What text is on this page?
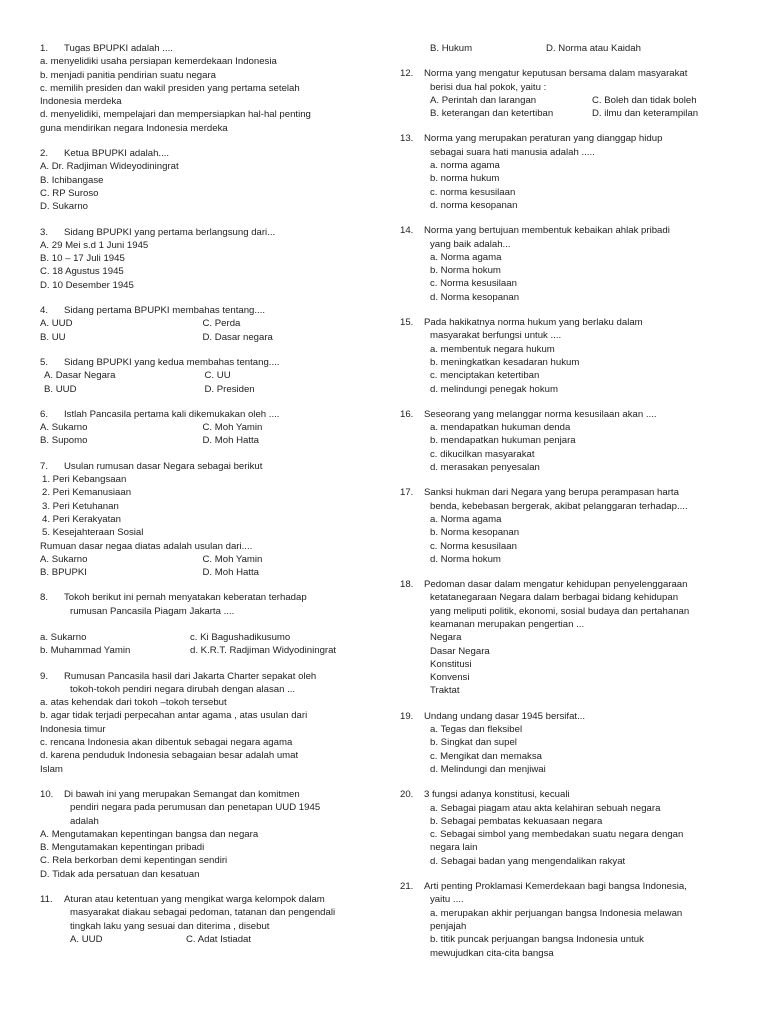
1.	Tugas BPUPKI adalah ....
a. menyelidiki usaha persiapan kemerdekaan Indonesia
b. menjadi panitia pendirian suatu negara
c. memilih presiden dan wakil presiden yang pertama setelah
Indonesia merdeka
d. menyelidiki, mempelajari dan mempersiapkan hal-hal penting
guna mendirikan negara Indonesia merdeka
2.	Ketua BPUPKI adalah....
A. Dr. Radjiman Wideyodiningrat
B. Ichibangase
C. RP Suroso
D. Sukarno
3.	Sidang BPUPKI yang pertama berlangsung dari...
A. 29 Mei s.d 1 Juni 1945
B. 10 – 17 Juli 1945
C. 18 Agustus 1945
D. 10 Desember 1945
4.	Sidang pertama BPUPKI membahas tentang....
A. UUD	C. Perda
B. UU	D. Dasar negara
5.	Sidang BPUPKI yang kedua membahas tentang....
A. Dasar Negara	C. UU
B. UUD	D. Presiden
6.	Istlah Pancasila pertama kali dikemukakan oleh ....
A. Sukarno	C. Moh Yamin
B. Supomo	D. Moh Hatta
7.	Usulan rumusan dasar Negara sebagai berikut
1. Peri Kebangsaan
2. Peri Kemanusiaan
3. Peri Ketuhanan
4. Peri Kerakyatan
5. Kesejahteraan Sosial
Rumuan dasar negaa diatas adalah usulan dari....
A. Sukarno	C. Moh Yamin
B. BPUPKI	D. Moh Hatta
8.	Tokoh berikut ini pernah menyatakan keberatan terhadap
rumusan Pancasila Piagam Jakarta ....
a. Sukarno	c. Ki Bagushadikusumo
b. Muhammad Yamin	d. K.R.T. Radjiman Widyodiningrat
9.	Rumusan Pancasila hasil dari Jakarta Charter sepakat oleh
tokoh-tokoh pendiri negara dirubah dengan alasan ...
a. atas kehendak dari tokoh –tokoh tersebut
b. agar tidak terjadi perpecahan antar agama , atas usulan dari
Indonesia timur
c. rencana Indonesia akan dibentuk sebagai negara agama
d. karena penduduk Indonesia sebagaian besar adalah umat
Islam
10.	Di bawah ini yang merupakan Semangat dan komitmen
pendiri negara pada perumusan dan penetapan UUD 1945
adalah
A. Mengutamakan kepentingan bangsa dan negara
B. Mengutamakan kepentingan pribadi
C. Rela berkorban demi kepentingan sendiri
D. Tidak ada persatuan dan kesatuan
11.	Aturan atau ketentuan yang mengikat warga kelompok dalam
masyarakat diakau sebagai pedoman, tatanan dan pengendali
tingkah laku yang sesuai dan diterima , disebut
A. UUD	C. Adat Istiadat
B. Hukum	D. Norma atau Kaidah
12.	Norma yang mengatur keputusan bersama dalam masyarakat
berisi dua hal pokok, yaitu :
A. Perintah dan larangan	C. Boleh dan tidak boleh
B. keterangan dan ketertiban	D. ilmu dan keterampilan
13.	Norma yang merupakan peraturan yang dianggap hidup
sebagai suara hati manusia adalah .....
a. norma agama
b. norma hukum
c. norma kesusilaan
d. norma kesopanan
14.	Norma yang bertujuan membentuk kebaikan ahlak pribadi
yang baik adalah...
a. Norma agama
b. Norma hokum
c. Norma kesusilaan
d. Norma kesopanan
15.	Pada hakikatnya norma hukum yang berlaku dalam
masyarakat berfungsi untuk ....
a. membentuk negara hukum
b. meningkatkan kesadaran hukum
c. menciptakan ketertiban
d. melindungi penegak hokum
16.	Seseorang yang melanggar norma kesusilaan akan ....
a. mendapatkan hukuman denda
b. mendapatkan hukuman penjara
c. dikucilkan masyarakat
d. merasakan penyesalan
17.	Sanksi hukman dari Negara yang berupa perampasan harta
benda, kebebasan bergerak, akibat pelanggaran terhadap....
a. Norma agama
b. Norma kesopanan
c. Norma kesusilaan
d. Norma hokum
18.	Pedoman dasar dalam mengatur kehidupan penyelenggaraan
ketatanegaraan Negara dalam berbagai bidang kehidupan
yang meliputi politik, ekonomi, sosial budaya dan pertahanan
keamanan merupakan pengertian ...
Negara
Dasar Negara
Konstitusi
Konvensi
Traktat
19.	Undang undang dasar 1945 bersifat...
a. Tegas dan fleksibel
b. Singkat dan supel
c. Mengikat dan memaksa
d. Melindungi dan menjiwai
20.	3 fungsi adanya konstitusi, kecuali
a. Sebagai piagam atau akta kelahiran sebuah negara
b. Sebagai pembatas kekuasaan negara
c. Sebagai simbol yang membedakan suatu negara dengan
negara lain
d. Sebagai badan yang mengendalikan rakyat
21.	Arti penting Proklamasi Kemerdekaan bagi bangsa Indonesia,
yaitu ....
a. merupakan akhir perjuangan bangsa Indonesia melawan
penjajah
b. titik puncak perjuangan bangsa Indonesia untuk
mewujudkan cita-cita bangsa
